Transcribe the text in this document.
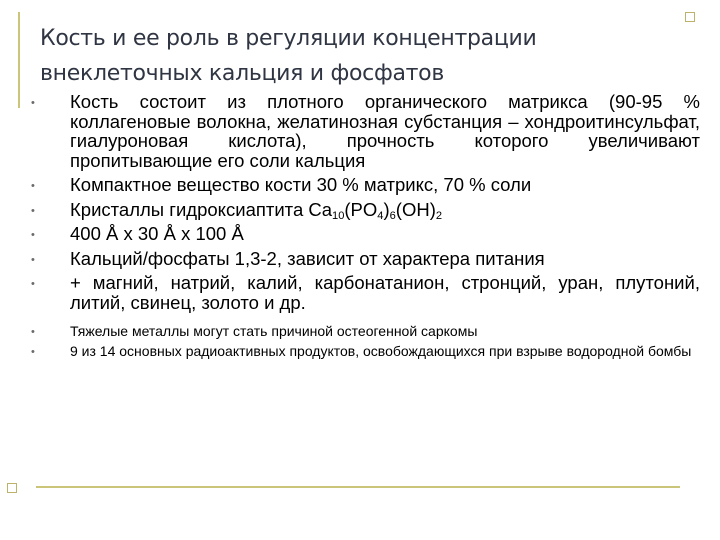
Кость и ее роль в регуляции концентрации
внеклеточных кальция и фосфатов
• Кость состоит из плотного органического матрикса (90-95 % коллагеновые волокна, желатинозная субстанция – хондроитинсульфат, гиалуроновая кислота), прочность которого увеличивают пропитывающие его соли кальция
• Компактное вещество кости 30 % матрикс, 70 % соли
• Кристаллы гидроксиаптита $Ca_{10}(PO_4)_6(OH)_2$
• 400 Å x 30 Å x 100 Å
• Кальций/фосфаты 1,3-2, зависит от характера питания
• + магний, натрий, калий, карбонатанион, стронций, уран, плутоний, литий, свинец, золото и др.
•	Тяжелые металлы могут стать причиной остеогенной саркомы
•	9 из 14 основных радиоактивных продуктов, освобождающихся при взрыве водородной бомбы
